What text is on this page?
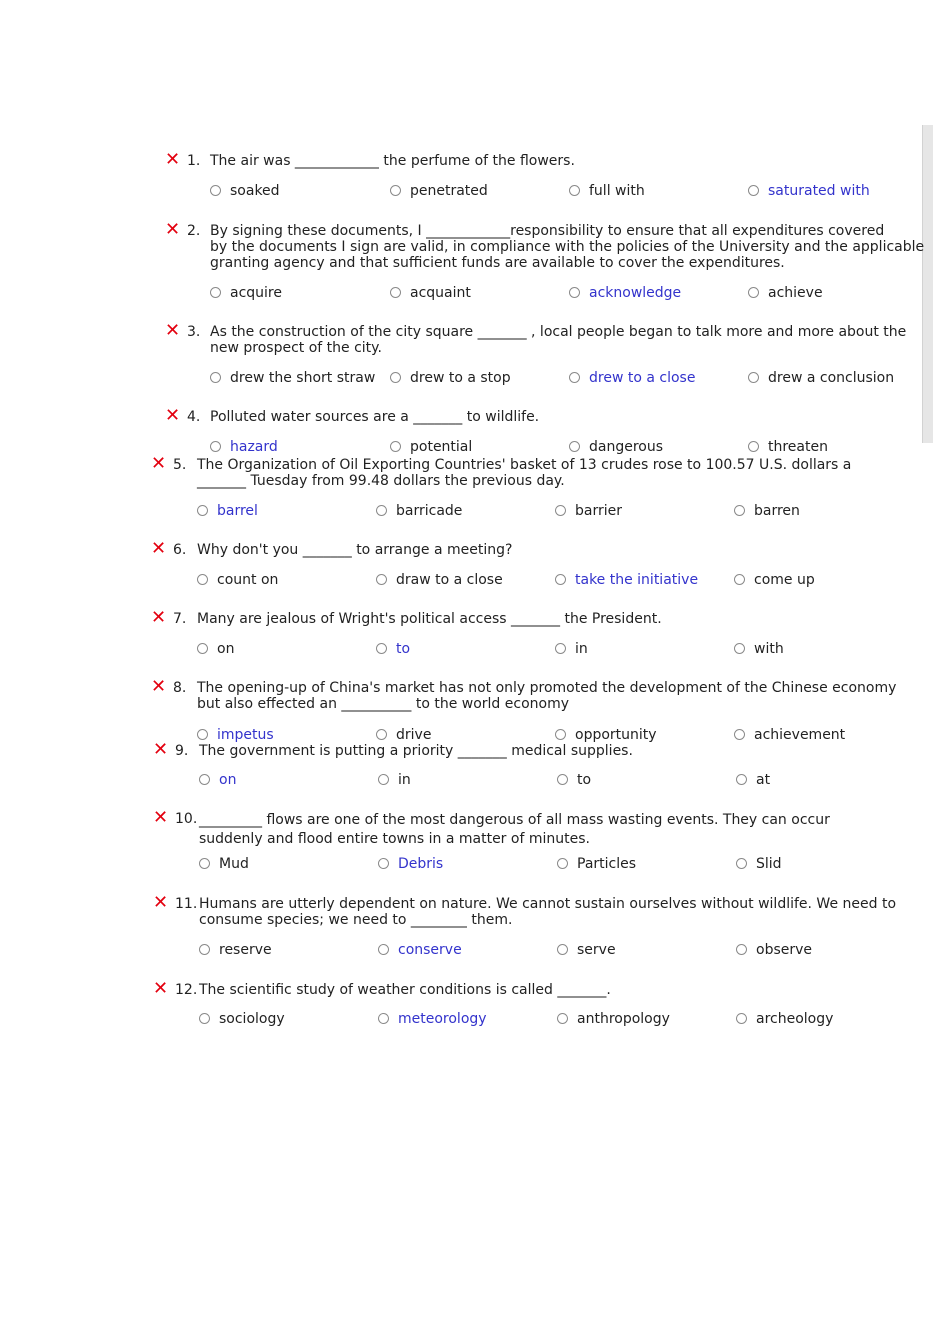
✕ 1. The air was ____________ the perfume of the flowers.
soaked	penetrated	full with	saturated with
✕ 2. By signing these documents, I ____________responsibility to ensure that all expenditures covered
by the documents I sign are valid, in compliance with the policies of the University and the applicable
granting agency and that sufficient funds are available to cover the expenditures.
acquire	acquaint	acknowledge	achieve
✕ 3. As the construction of the city square _______ , local people began to talk more and more about the
new prospect of the city.
drew the short straw	drew to a stop	drew to a close	drew a conclusion
✕ 4. Polluted water sources are a _______ to wildlife.
hazard	potential	dangerous	threaten
✕ 5. The Organization of Oil Exporting Countries' basket of 13 crudes rose to 100.57 U.S. dollars a
_______ Tuesday from 99.48 dollars the previous day.
barrel	barricade	barrier	barren
✕ 6. Why don't you _______ to arrange a meeting?
count on	draw to a close	take the initiative	come up
✕ 7. Many are jealous of Wright's political access _______ the President.
on	to	in	with
✕ 8. The opening-up of China's market has not only promoted the development of the Chinese economy
but also effected an __________ to the world economy
impetus	drive	opportunity	achievement
✕ 9. The government is putting a priority _______ medical supplies.
on	in	to	at
✕ 10. _________ flows are one of the most dangerous of all mass wasting events. They can occur
suddenly and flood entire towns in a matter of minutes.
Mud	Debris	Particles	Slid
✕ 11. Humans are utterly dependent on nature. We cannot sustain ourselves without wildlife. We need to
consume species; we need to ________ them.
reserve	conserve	serve	observe
✕ 12. The scientific study of weather conditions is called _______.
sociology	meteorology	anthropology	archeology
